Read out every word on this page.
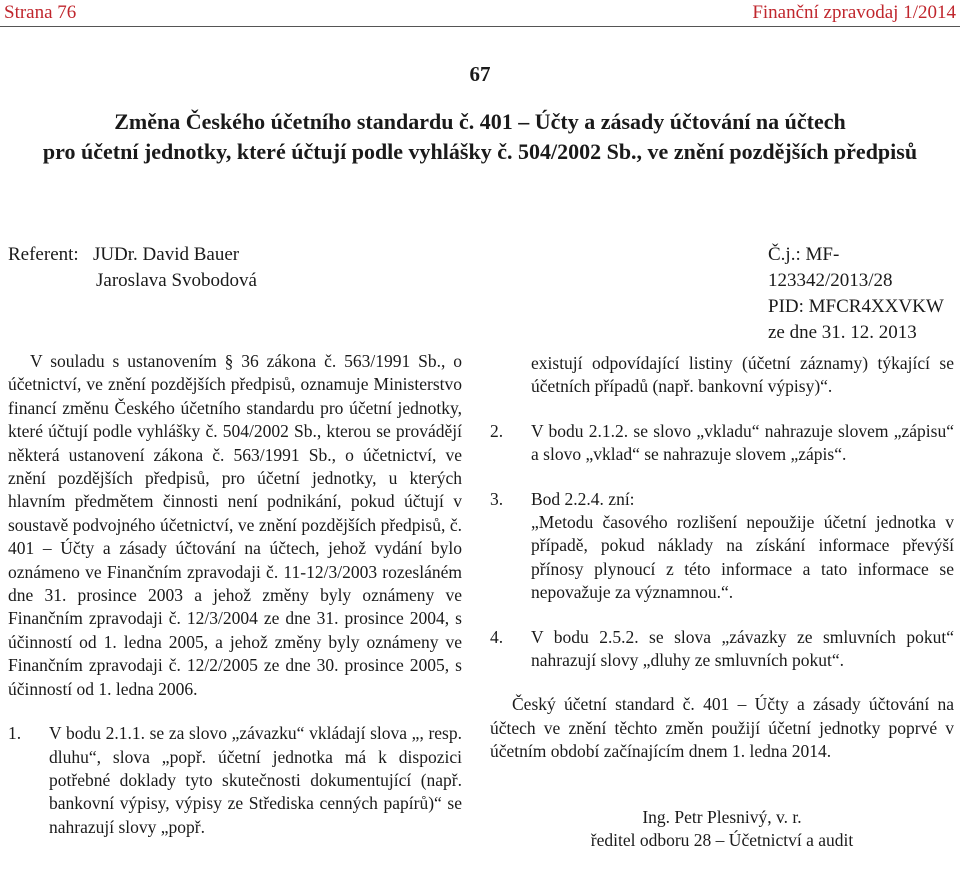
Strana 76	Finanční zpravodaj 1/2014
67
Změna Českého účetního standardu č. 401 – Účty a zásady účtování na účtech
pro účetní jednotky, které účtují podle vyhlášky č. 504/2002 Sb., ve znění pozdějších předpisů
Referent: JUDr. David Bauer
Jaroslava Svobodová
Č.j.: MF-123342/2013/28
PID: MFCR4XXVKW
ze dne 31. 12. 2013

V souladu s ustanovením § 36 zákona č. 563/1991 Sb., o účetnictví, ve znění pozdějších předpisů, oznamuje Ministerstvo financí změnu Českého účetního standardu pro účetní jednotky, které účtují podle vyhlášky č. 504/2002 Sb., kterou se provádějí některá ustanovení zákona č. 563/1991 Sb., o účetnictví, ve znění pozdějších předpisů, pro účetní jednotky, u kterých hlavním předmětem činnosti není podnikání, pokud účtují v soustavě podvojného účetnictví, ve znění pozdějších předpisů, č. 401 – Účty a zásady účtování na účtech, jehož vydání bylo oznámeno ve Finančním zpravodaji č. 11-12/3/2003 rozesláném dne 31. prosince 2003 a jehož změny byly oznámeny ve Finančním zpravodaji č. 12/3/2004 ze dne 31. prosince 2004, s účinností od 1. ledna 2005, a jehož změny byly oznámeny ve Finančním zpravodaji č. 12/2/2005 ze dne 30. prosince 2005, s účinností od 1. ledna 2006.

1.	V bodu 2.1.1. se za slovo „závazku“ vkládají slova „, resp. dluhu“, slova „popř. účetní jednotka má k dispozici potřebné doklady tyto skutečnosti dokumentující (např. bankovní výpisy, výpisy ze Střediska cenných papírů)“ se nahrazují slovy „popř.
existují odpovídající listiny (účetní záznamy) týkající se účetních případů (např. bankovní výpisy)“.
2.	V bodu 2.1.2. se slovo „vkladu“ nahrazuje slovem „zápisu“ a slovo „vklad“ se nahrazuje slovem „zápis“.
3.	Bod 2.2.4. zní:
„Metodu časového rozlišení nepoužije účetní jednotka v případě, pokud náklady na získání informace převýší přínosy plynoucí z této informace a tato informace se nepovažuje za významnou.“.
4.	V bodu 2.5.2. se slova „závazky ze smluvních pokut“ nahrazují slovy „dluhy ze smluvních pokut“.

Český účetní standard č. 401 – Účty a zásady účtování na účtech ve znění těchto změn použijí účetní jednotky poprvé v účetním období začínajícím dnem 1. ledna 2014.

Ing. Petr Plesnivý, v. r.
ředitel odboru 28 – Účetnictví a audit
